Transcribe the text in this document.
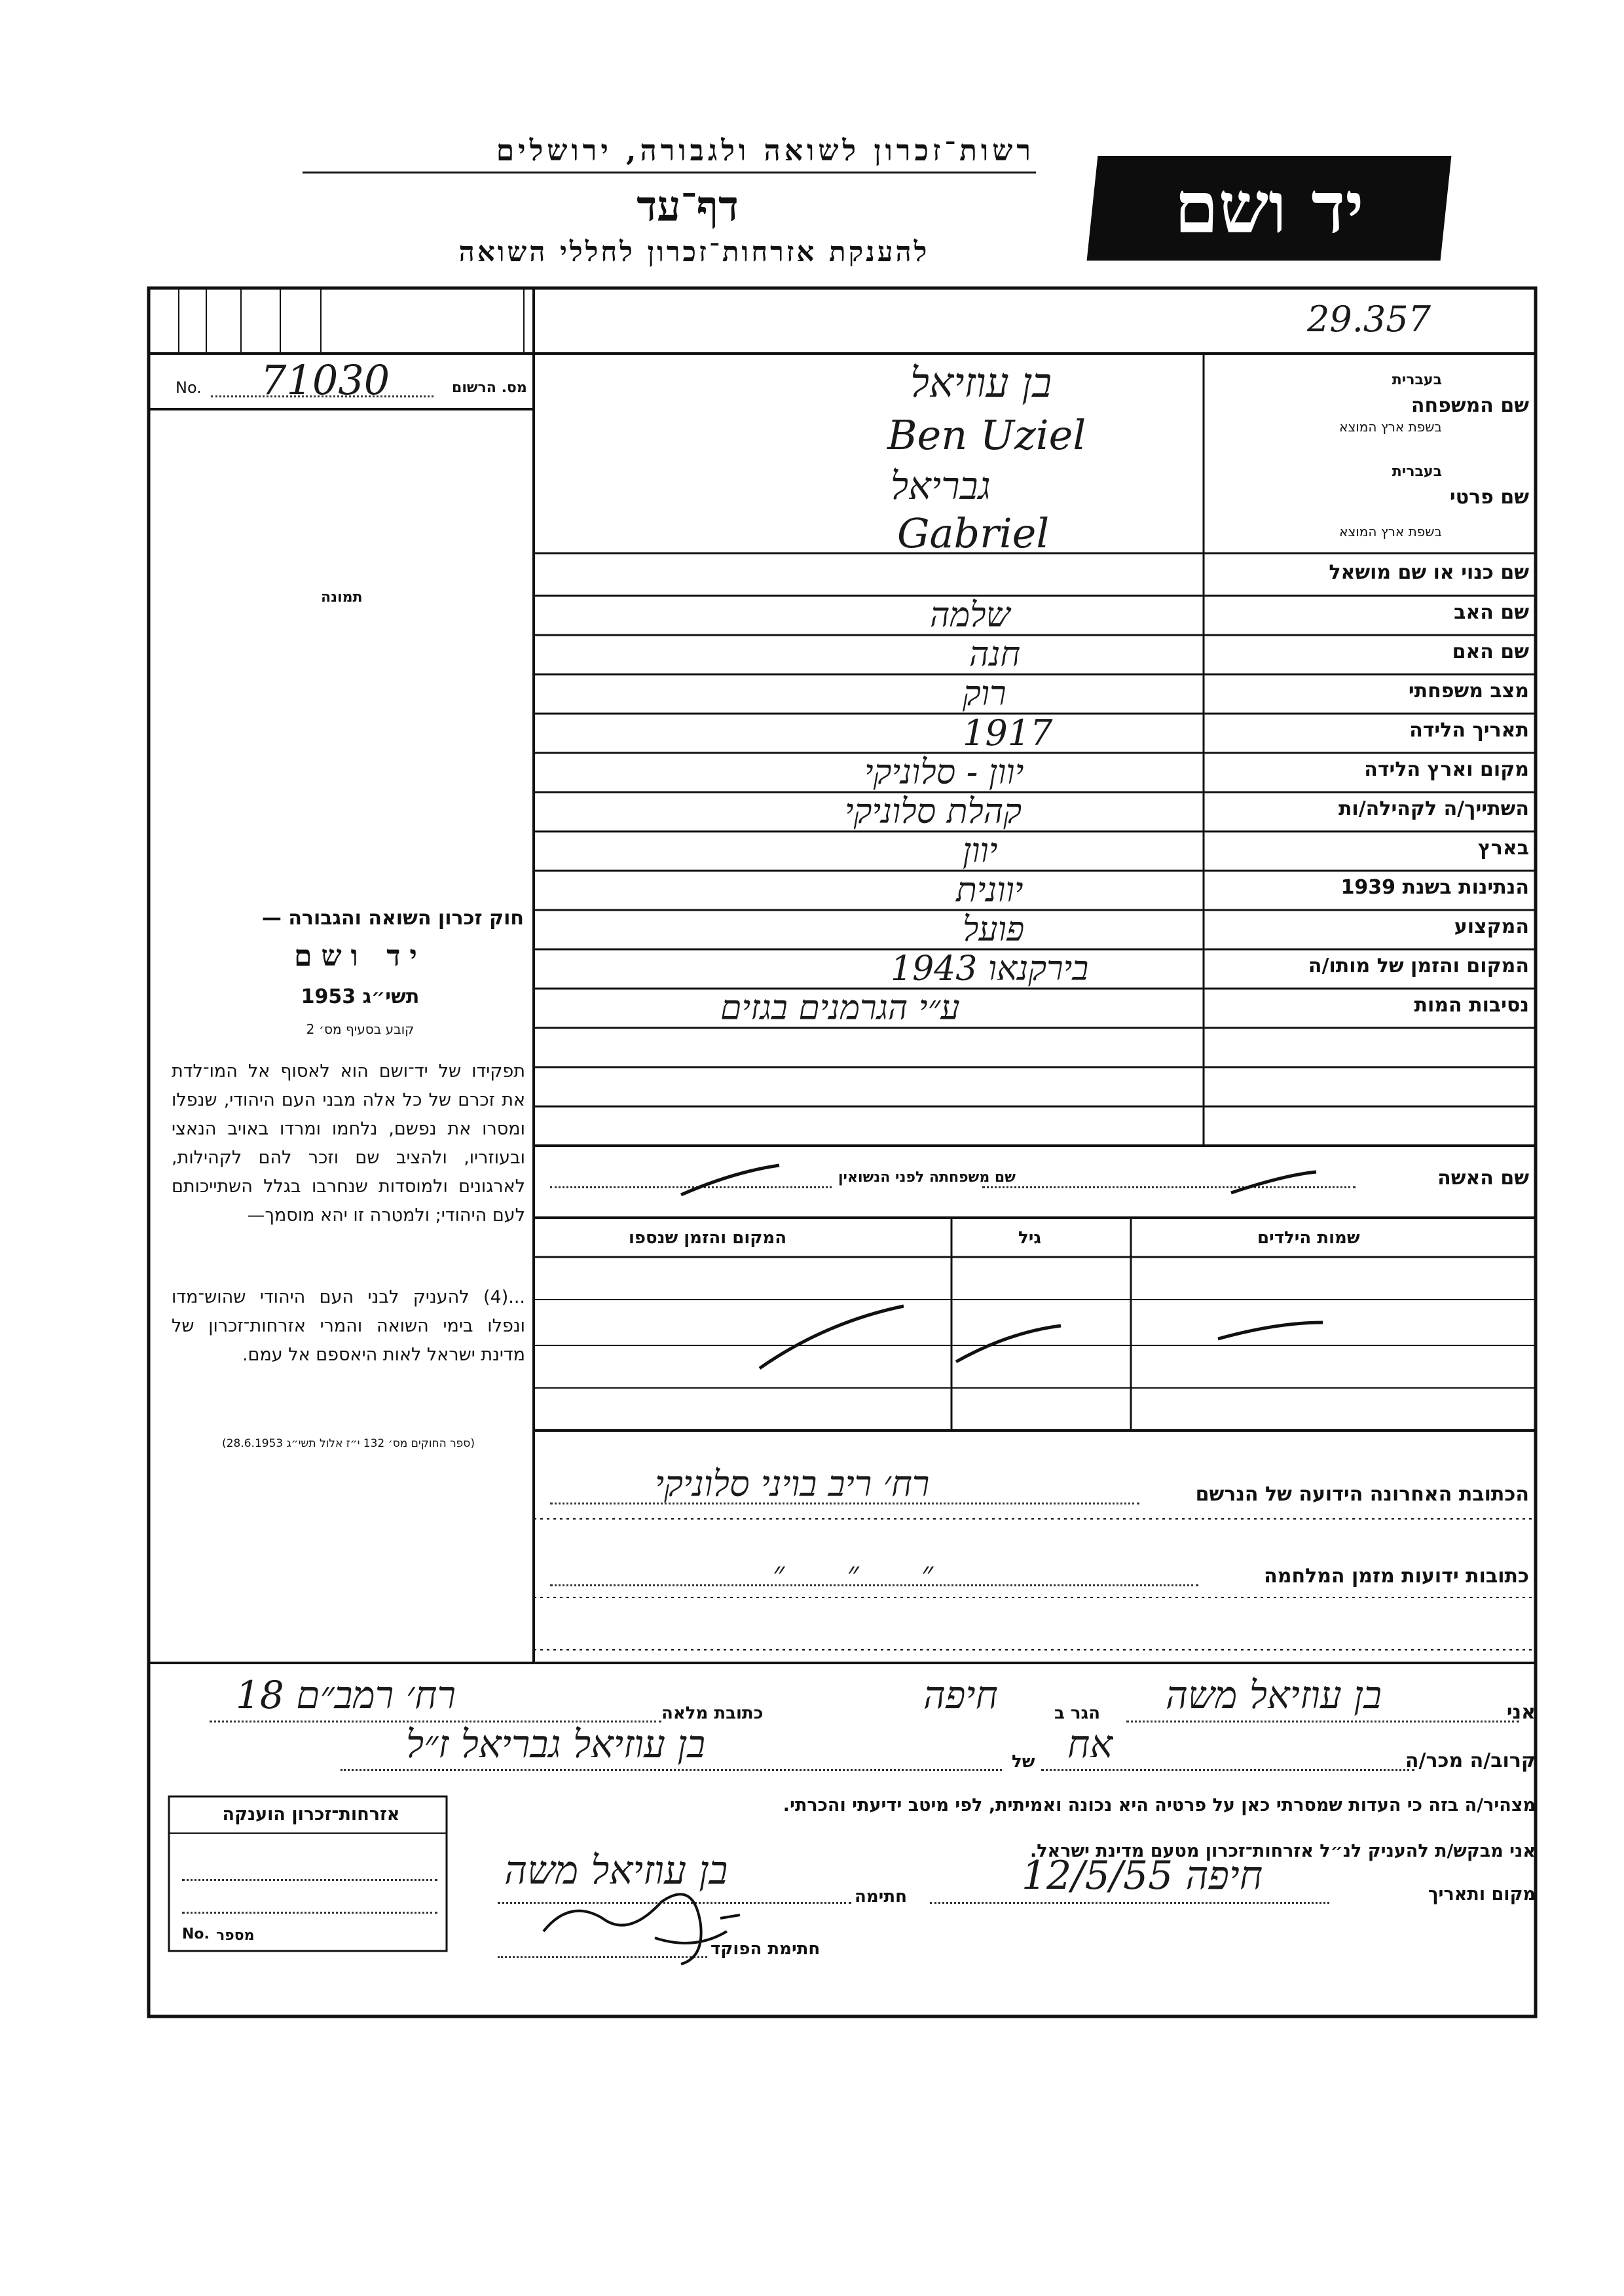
רשות־זכרון לשואה ולגבורה, ירושלים
דף־עד
להענקת אזרחות־זכרון לחללי השואה
יד ושם
29.357
No. 71030	מס. הרשום
תמונה
חוק זכרון השואה והגבורה —
יד ושם
תשי״ג 1953
קובע בסעיף מס׳ 2
תפקידו של יד־ושם הוא לאסוף אל המו־לדת את זכרם של כל אלה מבני העם היהודי, שנפלו ומסרו את נפשם, נלחמו ומרדו באויב הנאצי ובעוזריו, ולהציב שם וזכר להם לקהילות, לארגונים ולמוסדות שנחרבו בגלל השתייכותם לעם היהודי; ולמטרה זו יהא מוסמך—
...(4) להעניק לבני העם היהודי שהוש־מדו ונפלו בימי השואה והמרי אזרחות־זכרון של מדינת ישראל לאות היאספם אל עמם.
(ספר החוקים מס׳ 132 י״ז אלול תשי״ג 28.6.1953)
שם המשפחה
בעברית
בשפת ארץ המוצא
בן עוזיאל
Ben Uziel
שם פרטי
בעברית
בשפת ארץ המוצא
גבריאל
Gabriel
שם כנוי או שם מושאל
שם האב
שלמה
שם האם
חנה
מצב משפחתי
רוק
תאריך הלידה
1917
מקום וארץ הלידה
יוון - סלוניקי
השתייך/ה לקהילה/ות
קהלת סלוניקי
בארץ
יוון
הנתינות בשנת 1939
יוונית
המקצוע
פועל
המקום והזמן של מותו/ה
בירקנאו 1943
נסיבות המות
ע״י הגרמנים בגזים
שם האשה
שם משפחתה לפני הנשואין
שמות הילדים
גיל
המקום והזמן שנספו
הכתובת האחרונה הידועה של הנרשם
רח׳ ריב בויני סלוניקי
כתובות ידועות מזמן המלחמה
״ ״ ״
אני
בן עוזיאל משה
הגר ב
חיפה
כתובת מלאה
רח׳ רמב״ם 18
קרוב/ה מכר/ה
אח
של
בן עוזיאל גבריאל ז״ל
מצהיר/ה בזה כי העדות שמסרתי כאן על פרטיה היא נכונה ואמיתית, לפי מיטב ידיעתי והכרתי.
אני מבקש/ת להעניק לנ״ל אזרחות־זכרון מטעם מדינת ישראל.
מקום ותאריך
חיפה 12/5/55
חתימה
בן עוזיאל משה
חתימת הפוקד
אזרחות־זכרון הוענקה
No. מספר
